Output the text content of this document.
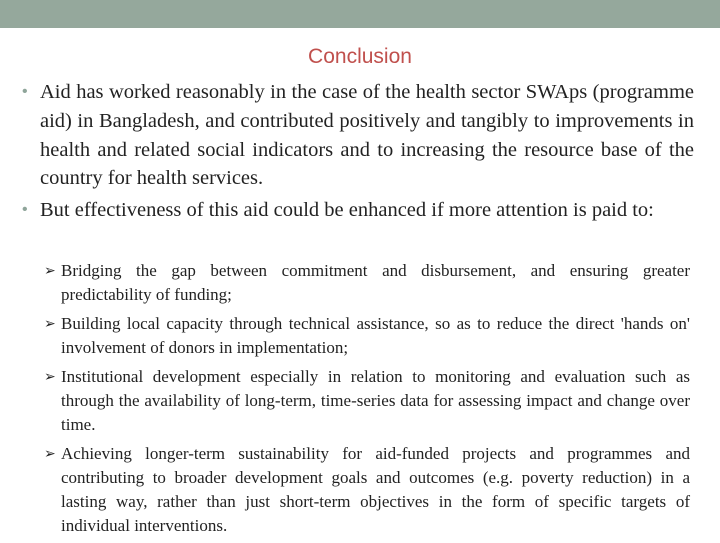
Conclusion
• Aid has worked reasonably in the case of the health sector SWAps (programme aid) in Bangladesh, and contributed positively and tangibly to improvements in health and related social indicators and to increasing the resource base of the country for health services.
• But effectiveness of this aid could be enhanced if more attention is paid to:
➢ Bridging the gap between commitment and disbursement, and ensuring greater predictability of funding;
➢ Building local capacity through technical assistance, so as to reduce the direct 'hands on' involvement of donors in implementation;
➢ Institutional development especially in relation to monitoring and evaluation such as through the availability of long-term, time-series data for assessing impact and change over time.
➢ Achieving longer-term sustainability for aid-funded projects and programmes and contributing to broader development goals and outcomes (e.g. poverty reduction) in a lasting way, rather than just short-term objectives in the form of specific targets of individual interventions.
